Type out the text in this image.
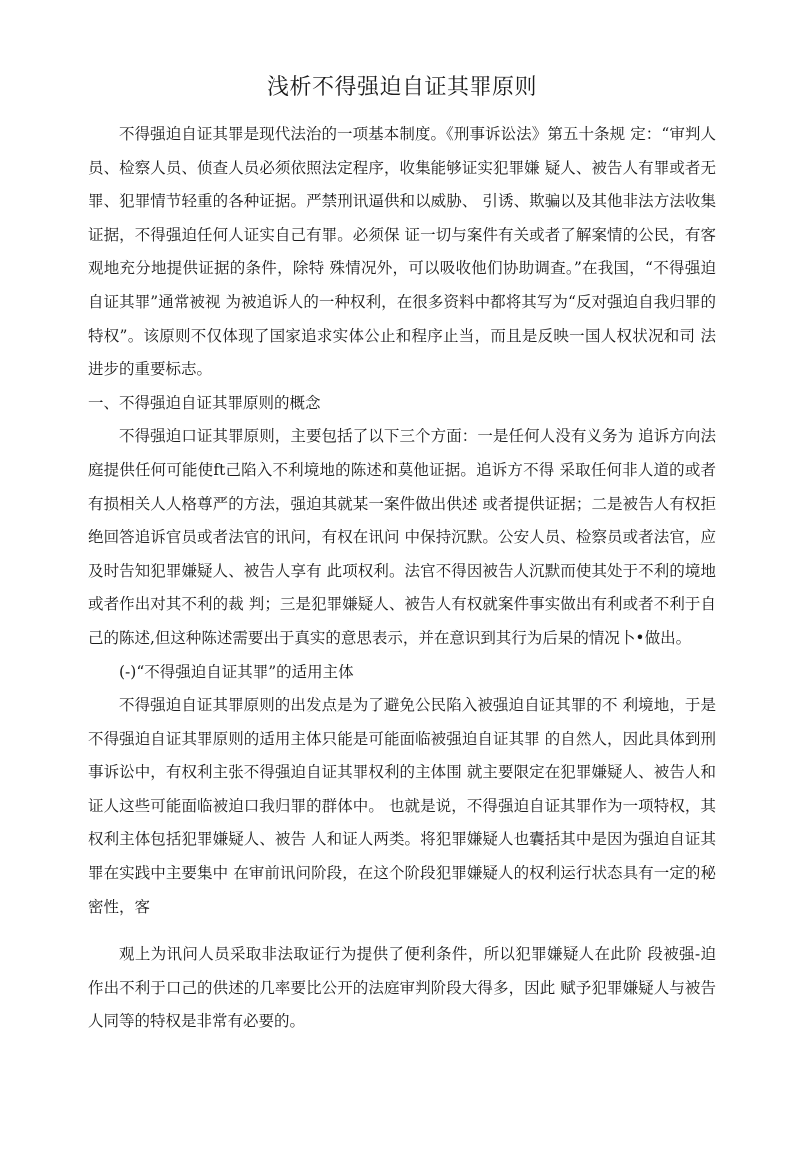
浅析不得强迫自证其罪原则

不得强迫自证其罪是现代法治的一项基本制度。《刑事诉讼法》第五十条规 定：“审判人员、检察人员、侦查人员必须依照法定程序，收集能够证实犯罪嫌 疑人、被告人有罪或者无罪、犯罪情节轻重的各种证据。严禁刑讯逼供和以威胁、 引诱、欺骗以及其他非法方法收集证据，不得强迫任何人证实自己有罪。必须保 证一切与案件有关或者了解案情的公民，有客观地充分地提供证据的条件，除特 殊情况外，可以吸收他们协助调查。”在我国，“不得强迫自证其罪”通常被视 为被追诉人的一种权利，在很多资料中都将其写为“反对强迫自我归罪的特权”。该原则不仅体现了国家追求实体公止和程序止当，而且是反映一国人权状况和司 法进步的重要标志。

一、不得强迫自证其罪原则的概念

不得强迫口证其罪原则，主要包括了以下三个方面：一是任何人没有义务为 追诉方向法庭提供任何可能使ft己陷入不利境地的陈述和莫他证据。追诉方不得 采取任何非人道的或者有损相关人人格尊严的方法，强迫其就某一案件做出供述 或者提供证据；二是被告人有权拒绝回答追诉官员或者法官的讯问，有权在讯问 中保持沉默。公安人员、检察员或者法官，应及时告知犯罪嫌疑人、被告人享有 此项权利。法官不得因被告人沉默而使其处于不利的境地或者作出对其不利的裁 判；三是犯罪嫌疑人、被告人有权就案件事实做出有利或者不利于自己的陈述,但这种陈述需要出于真实的意思表示，并在意识到其行为后杲的情况卜•做出。

(-)“不得强迫自证其罪”的适用主体

不得强迫自证其罪原则的出发点是为了避免公民陷入被强迫自证其罪的不 利境地，于是不得强迫自证其罪原则的适用主体只能是可能面临被强迫自证其罪 的自然人，因此具体到刑事诉讼中，有权利主张不得强迫自证其罪权利的主体围 就主要限定在犯罪嫌疑人、被告人和证人这些可能面临被迫口我归罪的群体中。 也就是说，不得强迫自证其罪作为一项特权，其权利主体包括犯罪嫌疑人、被告 人和证人两类。将犯罪嫌疑人也囊括其中是因为强迫自证其罪在实践中主要集中 在审前讯问阶段，在这个阶段犯罪嫌疑人的权利运行状态具有一定的秘密性，客

观上为讯问人员采取非法取证行为提供了便利条件，所以犯罪嫌疑人在此阶 段被强-迫作出不利于口己的供述的几率要比公开的法庭审判阶段大得多，因此 赋予犯罪嫌疑人与被告人同等的特权是非常有必要的。
